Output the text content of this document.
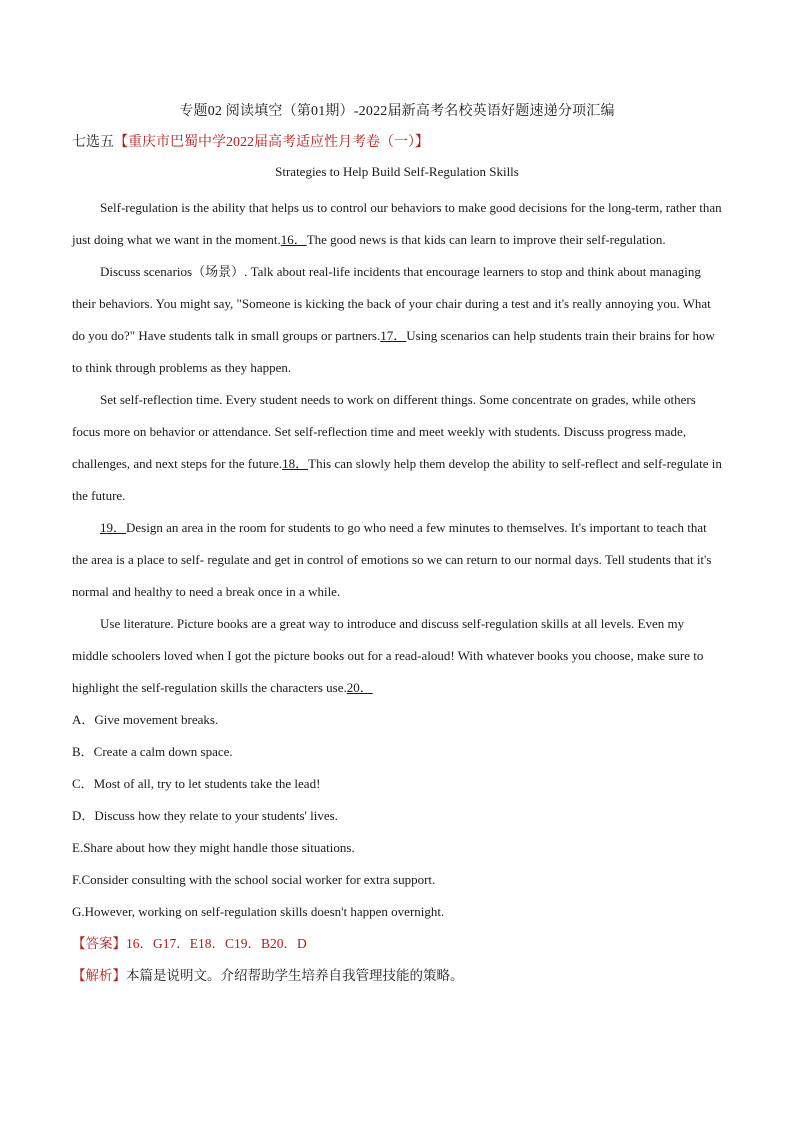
专题02 阅读填空（第01期）-2022届新高考名校英语好题速递分项汇编
七选五【重庆市巴蜀中学2022届高考适应性月考卷（一）】
Strategies to Help Build Self-Regulation Skills

Self-regulation is the ability that helps us to control our behaviors to make good decisions for the long-term, rather than just doing what we want in the moment.16．The good news is that kids can learn to improve their self-regulation.

Discuss scenarios（场景）. Talk about real-life incidents that encourage learners to stop and think about managing their behaviors. You might say, "Someone is kicking the back of your chair during a test and it's really annoying you. What do you do?" Have students talk in small groups or partners.17．Using scenarios can help students train their brains for how to think through problems as they happen.

Set self-reflection time. Every student needs to work on different things. Some concentrate on grades, while others focus more on behavior or attendance. Set self-reflection time and meet weekly with students. Discuss progress made, challenges, and next steps for the future.18．This can slowly help them develop the ability to self-reflect and self-regulate in the future.

19．Design an area in the room for students to go who need a few minutes to themselves. It's important to teach that the area is a place to self- regulate and get in control of emotions so we can return to our normal days. Tell students that it's normal and healthy to need a break once in a while.

Use literature. Picture books are a great way to introduce and discuss self-regulation skills at all levels. Even my middle schoolers loved when I got the picture books out for a read-aloud! With whatever books you choose, make sure to highlight the self-regulation skills the characters use.20．

A．Give movement breaks.
B．Create a calm down space.
C．Most of all, try to let students take the lead!
D．Discuss how they relate to your students' lives.
E.Share about how they might handle those situations.
F.Consider consulting with the school social worker for extra support.
G.However, working on self-regulation skills doesn't happen overnight.

【答案】16．G17．E18．C19．B20．D

【解析】本篇是说明文。介绍帮助学生培养自我管理技能的策略。
